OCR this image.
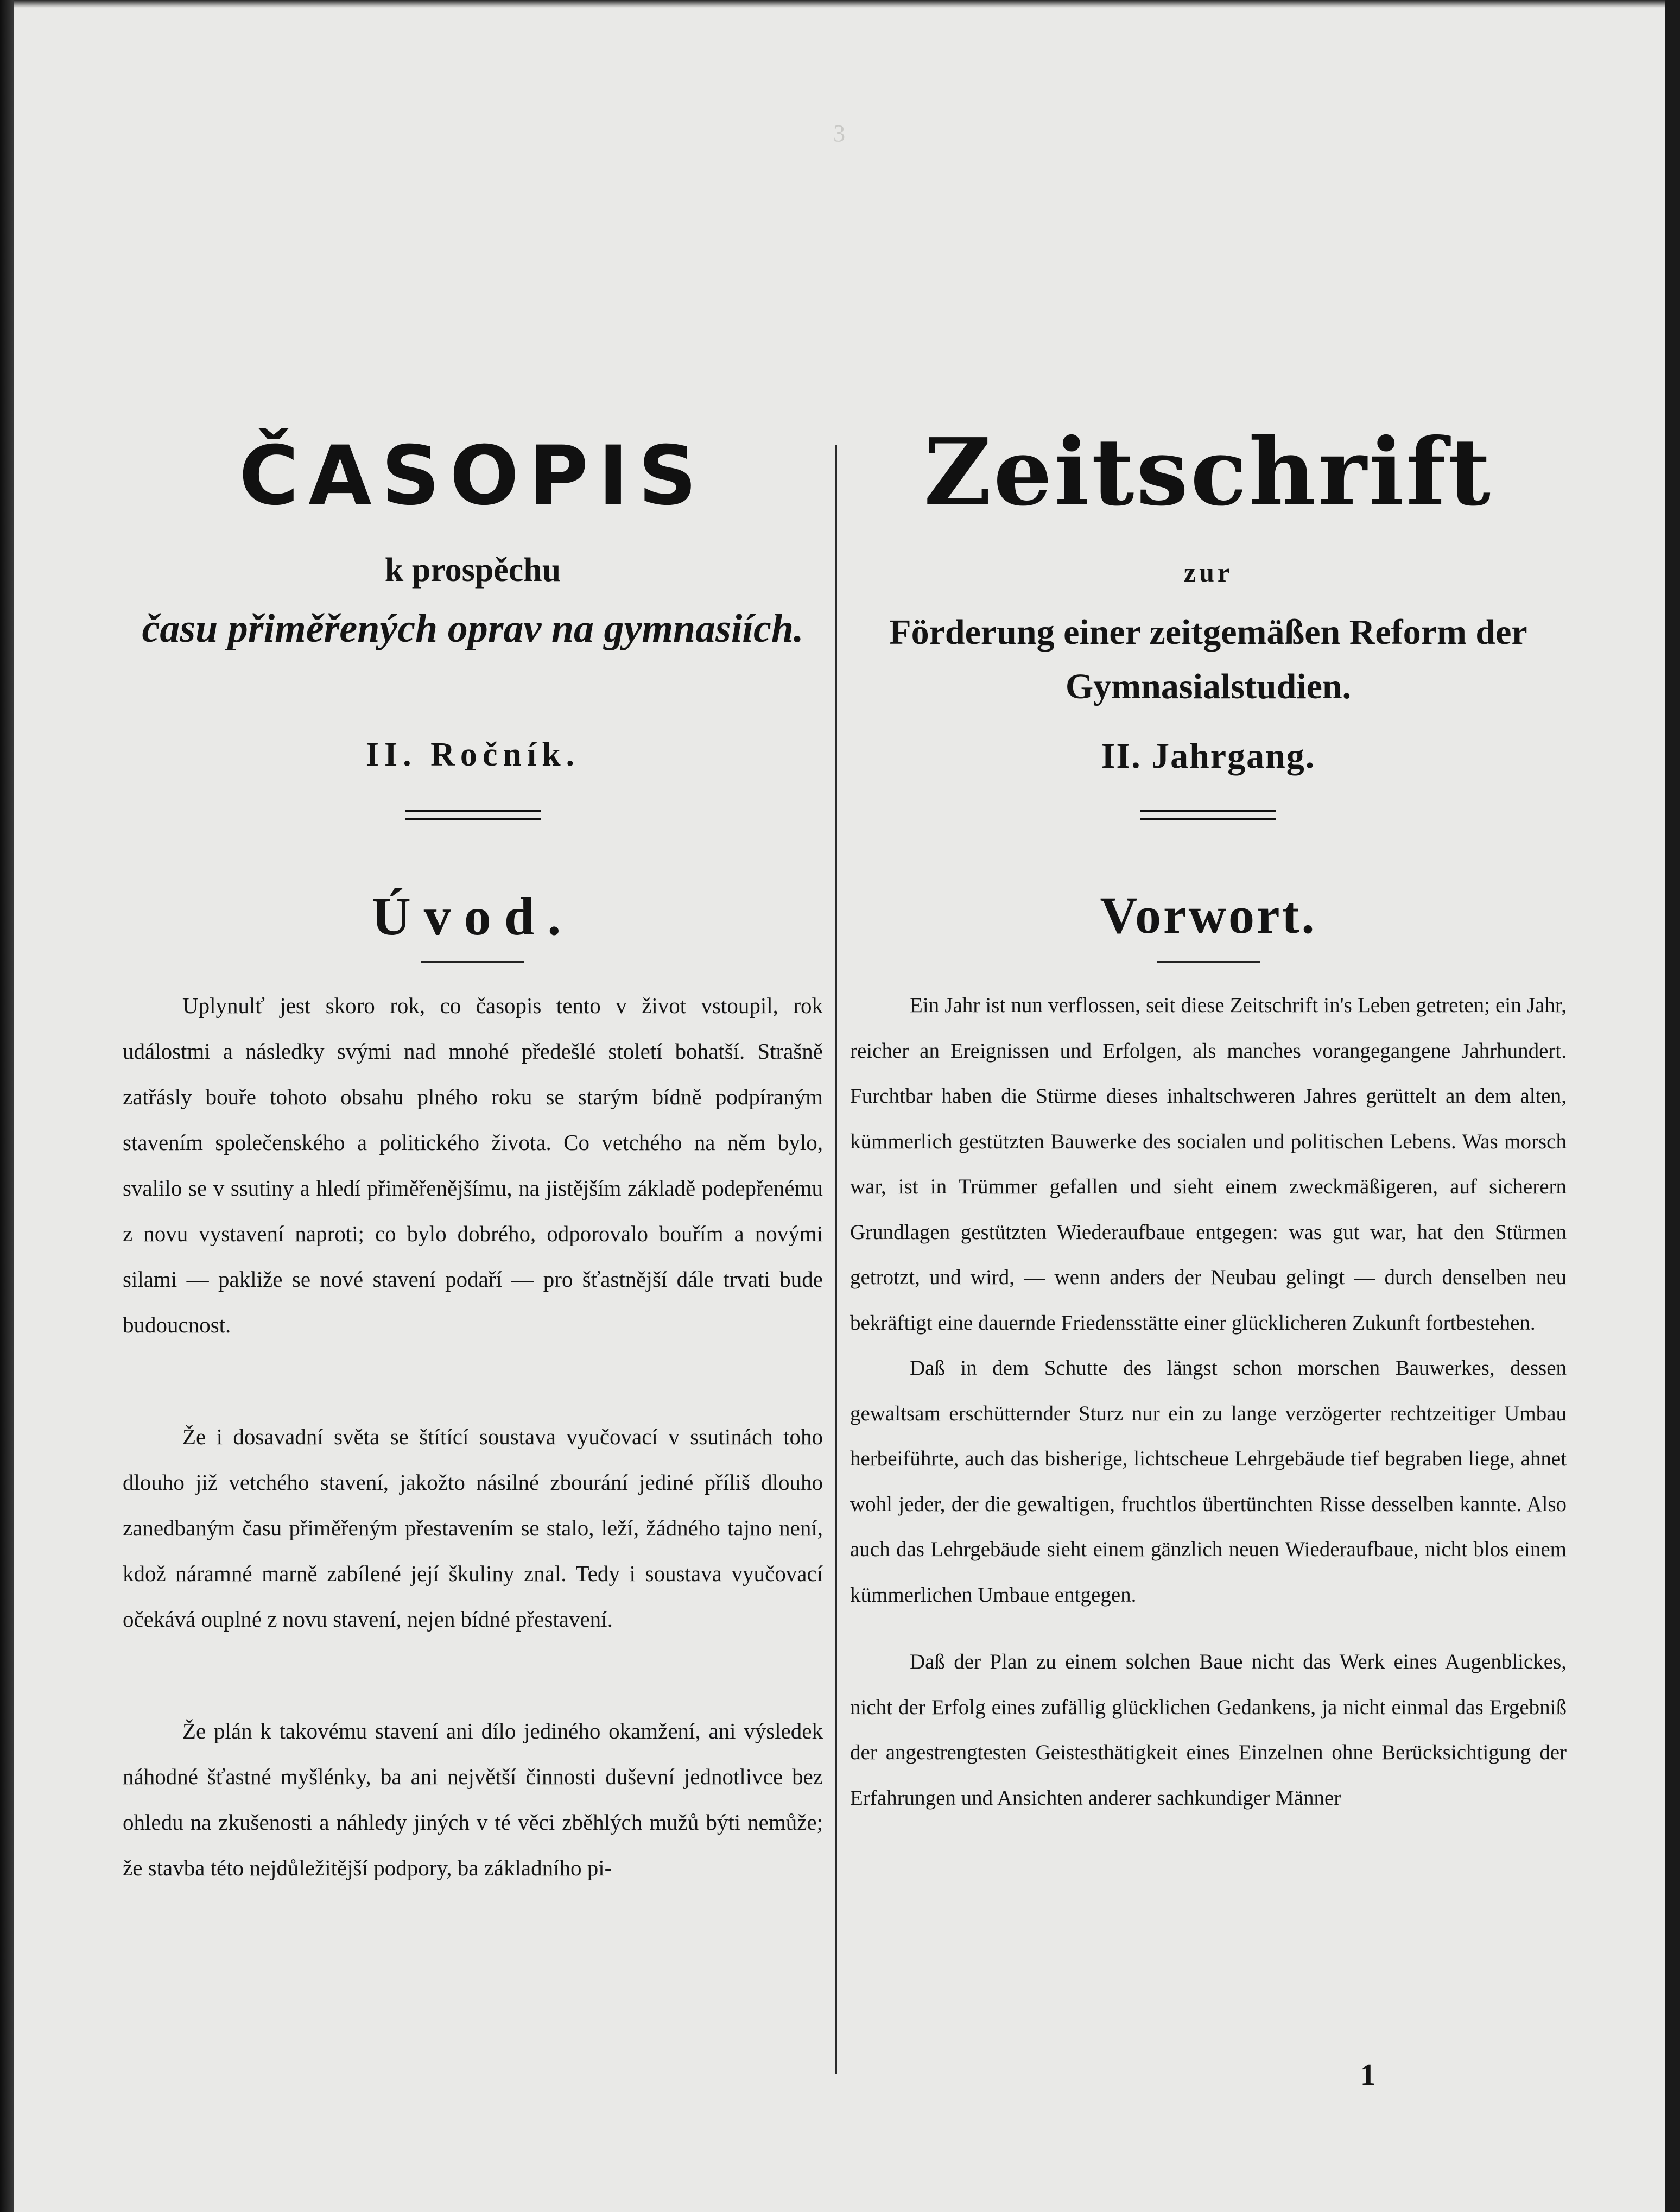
3
ČASOPIS
k prospěchu
času přiměřených oprav na gymnasiích.
II. Ročník.
Úvod.

Uplynulť jest skoro rok, co časopis tento v život vstoupil, rok událostmi a následky svými nad mnohé předešlé století bohatší. Strašně zatřásly bouře tohoto obsahu plného roku se starým bídně podpíraným stavením společenského a politického života. Co vetchého na něm bylo, svalilo se v ssutiny a hledí přiměřenějšímu, na jistějším základě podepřenému z novu vystavení naproti; co bylo dobrého, odporovalo bouřím a novými silami — pakliže se nové stavení podaří — pro šťastnější dále trvati bude budoucnost.

Že i dosavadní světa se štítící soustava vyučovací v ssutinách toho dlouho již vetchého stavení, jakožto násilné zbourání jediné příliš dlouho zanedbaným času přiměřeným přestavením se stalo, leží, žádného tajno není, kdož náramné marně zabílené její škuliny znal. Tedy i soustava vyučovací očekává ouplné z novu stavení, nejen bídné přestavení.

Že plán k takovému stavení ani dílo jediného okamžení, ani výsledek náhodné šťastné myšlénky, ba ani největší činnosti duševní jednotlivce bez ohledu na zkušenosti a náhledy jiných v té věci zběhlých mužů býti nemůže; že stavba této nejdůležitější podpory, ba základního pi-

Zeitschrift
zur
Förderung einer zeitgemäßen Reform der Gymnasialstudien.
II. Jahrgang.
Vorwort.

Ein Jahr ist nun verflossen, seit diese Zeitschrift in's Leben getreten; ein Jahr, reicher an Ereignissen und Erfolgen, als manches vorangegangene Jahrhundert. Furchtbar haben die Stürme dieses inhaltschweren Jahres gerüttelt an dem alten, kümmerlich gestützten Bauwerke des socialen und politischen Lebens. Was morsch war, ist in Trümmer gefallen und sieht einem zweckmäßigeren, auf sicherern Grundlagen gestützten Wiederaufbaue entgegen: was gut war, hat den Stürmen getrotzt, und wird, — wenn anders der Neubau gelingt — durch denselben neu bekräftigt eine dauernde Friedensstätte einer glücklicheren Zukunft fortbestehen.

Daß in dem Schutte des längst schon morschen Bauwerkes, dessen gewaltsam erschütternder Sturz nur ein zu lange verzögerter rechtzeitiger Umbau herbeiführte, auch das bisherige, lichtscheue Lehrgebäude tief begraben liege, ahnet wohl jeder, der die gewaltigen, fruchtlos übertünchten Risse desselben kannte. Also auch das Lehrgebäude sieht einem gänzlich neuen Wiederaufbaue, nicht blos einem kümmerlichen Umbaue entgegen.

Daß der Plan zu einem solchen Baue nicht das Werk eines Augenblickes, nicht der Erfolg eines zufällig glücklichen Gedankens, ja nicht einmal das Ergebniß der angestrengtesten Geistesthätigkeit eines Einzelnen ohne Berücksichtigung der Erfahrungen und Ansichten anderer sachkundiger Männer

1
